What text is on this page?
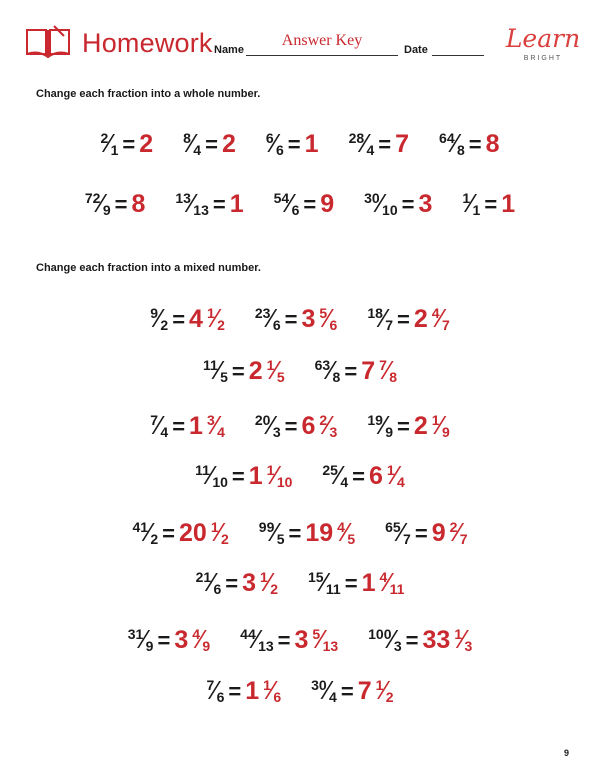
Homework Name
Answer Key
Date	Learn
BRIGHT
Change each fraction into a whole number.
2 ⁄ 1 = 2 8 ⁄ 4 = 2 6 ⁄ 6 = 1 28 ⁄ 4 = 7 64 ⁄ 8 = 8
72 ⁄ 9 = 8 13 ⁄ 13 = 1 54 ⁄ 6 = 9 30 ⁄ 10 = 3 1 ⁄ 1 = 1
Change each fraction into a mixed number.
9 ⁄ 2 = 4 1 ⁄ 2
23 ⁄ 6 = 3 5 ⁄ 6
18 ⁄ 7 = 2 4 ⁄ 7
11 ⁄ 5 = 2 1 ⁄ 5
63 ⁄ 8 = 7 7 ⁄ 8
7 ⁄ 4 = 1 3 ⁄ 4
20 ⁄ 3 = 6 2 ⁄ 3
19 ⁄ 9 = 2 1 ⁄ 9
11 ⁄ 10 = 1 1 ⁄ 10
25 ⁄ 4 = 6 1 ⁄ 4
41 ⁄ 2 = 20 1 ⁄ 2
99 ⁄ 5 = 19 4 ⁄ 5
65 ⁄ 7 = 9 2 ⁄ 7
21 ⁄ 6 = 3 1 ⁄ 2
15 ⁄ 11 = 1 4 ⁄ 11
31 ⁄ 9 = 3 4 ⁄ 9
44 ⁄ 13 = 3 5 ⁄ 13
100 ⁄ 3 = 33 1 ⁄ 3
7 ⁄ 6 = 1 1 ⁄ 6
30 ⁄ 4 = 7 1 ⁄ 2
9
